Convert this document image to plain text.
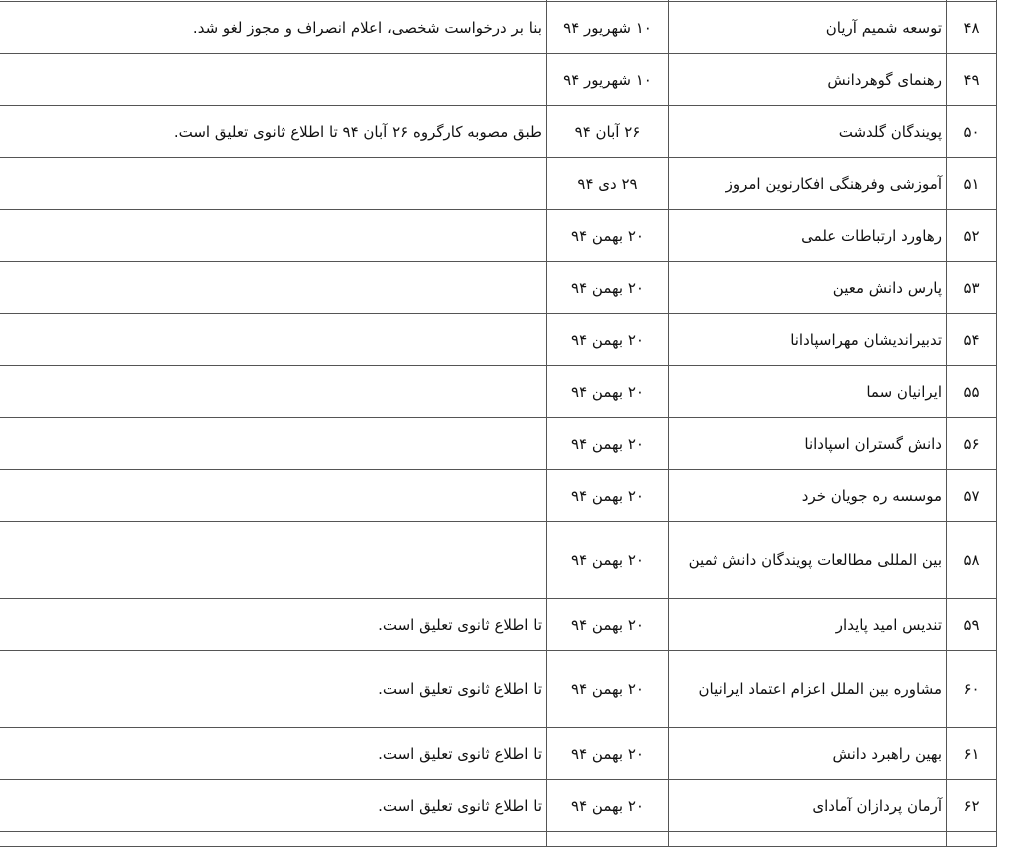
۴۸	توسعه شمیم آریان	۱۰ شهریور ۹۴	بنا بر درخواست شخصی، اعلام انصراف و مجوز لغو شد.
۴۹	رهنمای گوهردانش	۱۰ شهریور ۹۴	
۵۰	پویندگان گلدشت	۲۶ آبان ۹۴	طبق مصوبه کارگروه ۲۶ آبان ۹۴ تا اطلاع ثانوی تعلیق است.
۵۱	آموزشی وفرهنگی افکارنوین امروز	۲۹ دی ۹۴	
۵۲	رهاورد ارتباطات علمی	۲۰ بهمن ۹۴	
۵۳	پارس دانش معین	۲۰ بهمن ۹۴	
۵۴	تدبیراندیشان مهراسپادانا	۲۰ بهمن ۹۴	
۵۵	ایرانیان سما	۲۰ بهمن ۹۴	
۵۶	دانش گستران اسپادانا	۲۰ بهمن ۹۴	
۵۷	موسسه ره جویان خرد	۲۰ بهمن ۹۴	
۵۸	بین المللی مطالعات پویندگان دانش ثمین	۲۰ بهمن ۹۴	
۵۹	تندیس امید پایدار	۲۰ بهمن ۹۴	تا اطلاع ثانوی تعلیق است.
۶۰	مشاوره بین الملل اعزام اعتماد ایرانیان	۲۰ بهمن ۹۴	تا اطلاع ثانوی تعلیق است.
۶۱	بهین راهبرد دانش	۲۰ بهمن ۹۴	تا اطلاع ثانوی تعلیق است.
۶۲	آرمان پردازان آمادای	۲۰ بهمن ۹۴	تا اطلاع ثانوی تعلیق است.
